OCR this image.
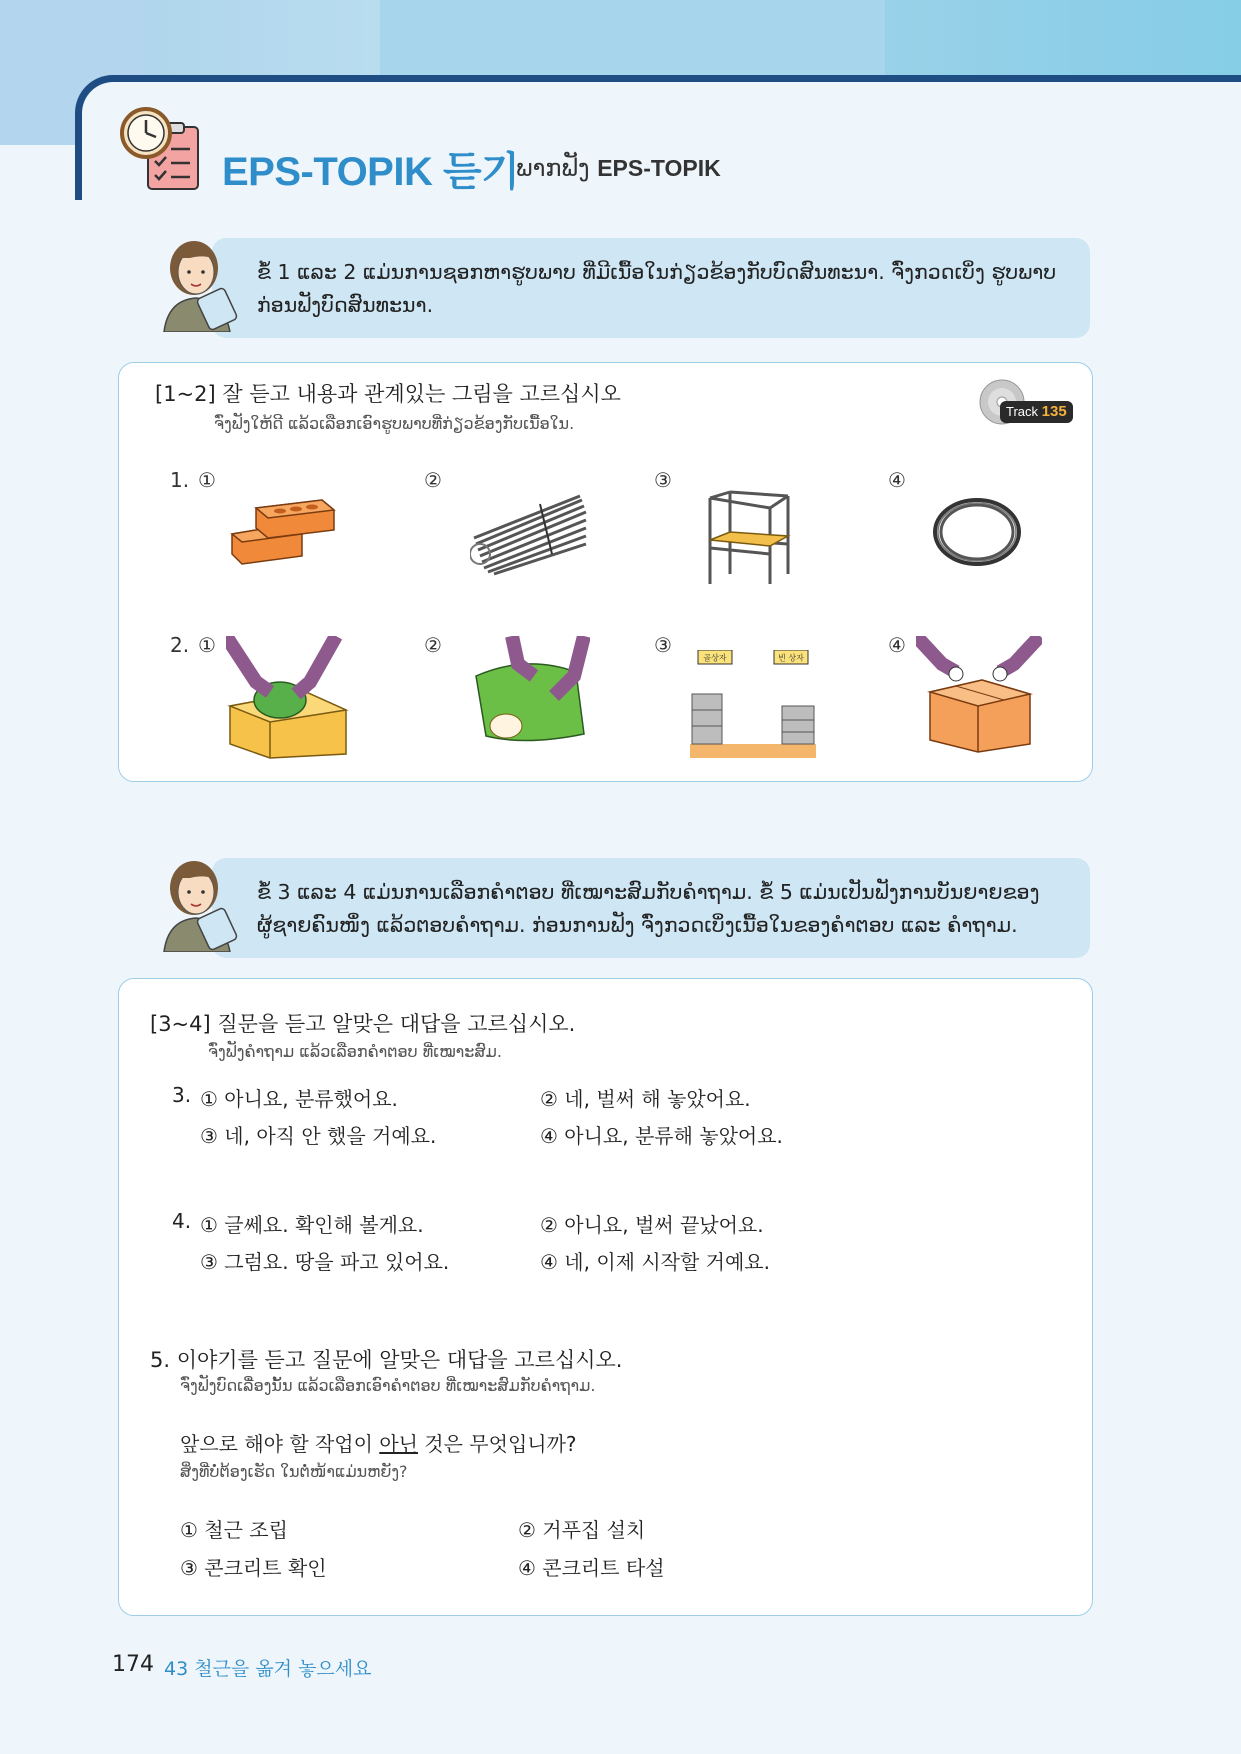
EPS-TOPIK 듣기
ພາກຟັງ EPS-TOPIK
ຂໍ້ 1 ແລະ 2 ແມ່ນການຊອກຫາຮູບພາບ ທີ່ມີເນື້ອໃນກ່ຽວຂ້ອງກັບບົດສົນທະນາ. ຈົ່ງກວດເບິ່ງ ຮູບພາບກ່ອນຟັງບົດສົນທະນາ.
[1~2] 잘 듣고 내용과 관계있는 그림을 고르십시오
ຈົ່ງຟັງໃຫ້ດີ ແລ້ວເລືອກເອົາຮູບພາບທີ່ກ່ຽວຂ້ອງກັບເນື້ອໃນ.
Track 135
1. ①	②	③	④
2. ①	②	③	④
골상자	빈 상자
ຂໍ້ 3 ແລະ 4 ແມ່ນການເລືອກຄໍາຕອບ ທີ່ເໝາະສົມກັບຄໍາຖາມ. ຂໍ້ 5 ແມ່ນເປັນຟັງການບັນຍາຍຂອງຜູ້ຊາຍຄົນໜຶ່ງ ແລ້ວຕອບຄໍາຖາມ. ກ່ອນການຟັງ ຈົ່ງກວດເບິ່ງເນື້ອໃນຂອງຄໍາຕອບ ແລະ ຄໍາຖາມ.
[3~4] 질문을 듣고 알맞은 대답을 고르십시오.
ຈົ່ງຟັງຄໍາຖາມ ແລ້ວເລືອກຄໍາຕອບ ທີ່ເໝາະສົມ.
3. ① 아니요, 분류했어요.	② 네, 벌써 해 놓았어요.
③ 네, 아직 안 했을 거예요.	④ 아니요, 분류해 놓았어요.
4. ① 글쎄요. 확인해 볼게요.	② 아니요, 벌써 끝났어요.
③ 그럼요. 땅을 파고 있어요.	④ 네, 이제 시작할 거예요.
5. 이야기를 듣고 질문에 알맞은 대답을 고르십시오.
ຈົ່ງຟັງບົດເລື່ອງນັ້ນ ແລ້ວເລືອກເອົາຄໍາຕອບ ທີ່ເໝາະສົມກັບຄໍາຖາມ.
앞으로 해야 할 작업이 아닌 것은 무엇입니까?
ສິ່ງທີ່ບໍ່ຕ້ອງເຮັດ ໃນຕໍ່ໜ້າແມ່ນຫຍັງ?
① 철근 조립	② 거푸집 설치
③ 콘크리트 확인	④ 콘크리트 타설
174 43 철근을 옮겨 놓으세요
